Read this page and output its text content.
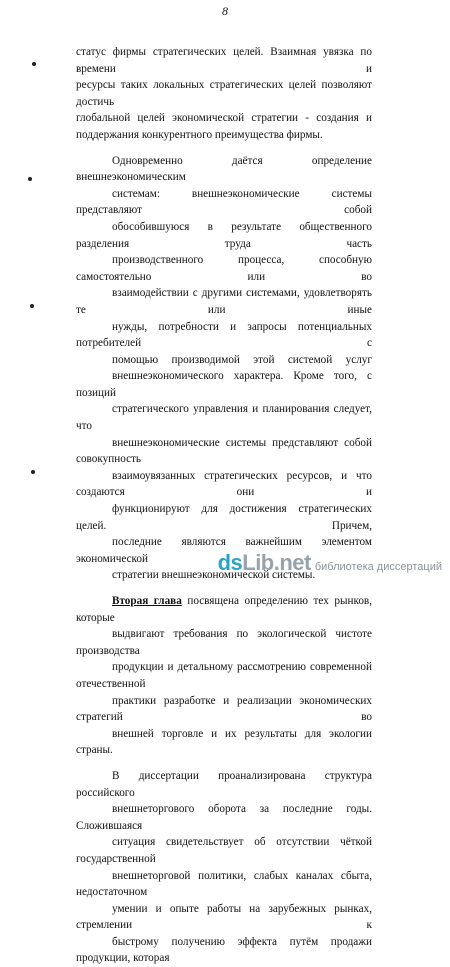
8

статус фирмы стратегических целей. Взаимная увязка по времени и
ресурсы таких локальных стратегических целей позволяют достичь
глобальной целей экономической стратегии - создания и
поддержания конкурентного преимущества фирмы.

Одновременно даётся определение внешнеэкономическим
системам: внешнеэкономические системы представляют собой
обособившуюся в результате общественного разделения труда часть
производственного процесса, способную самостоятельно или во
взаимодействии с другими системами, удовлетворять те или иные
нужды, потребности и запросы потенциальных потребителей с
помощью производимой этой системой услуг
внешнеэкономического характера. Кроме того, с позиций
стратегического управления и планирования следует, что
внешнеэкономические системы представляют собой совокупность
взаимоувязанных стратегических ресурсов, и что создаются они и
функционируют для достижения стратегических целей. Причем,
последние являются важнейшим элементом экономической
стратегии внешнеэкономической системы.

Вторая глава посвящена определению тех рынков, которые
выдвигают требования по экологической чистоте производства
продукции и детальному рассмотрению современной отечественной
практики разработке и реализации экономических стратегий во
внешней торговле и их результаты для экологии страны.

В диссертации проанализирована структура российского
внешнеторгового оборота за последние годы. Сложившаяся
ситуация свидетельствует об отсутствии чёткой государственной
внешнеторговой политики, слабых каналах сбыта, недостаточном
умении и опыте работы на зарубежных рынках, стремлении к
быстрому получению эффекта путём продажи продукции, которая

ds Lib.net библиотека диссертаций
